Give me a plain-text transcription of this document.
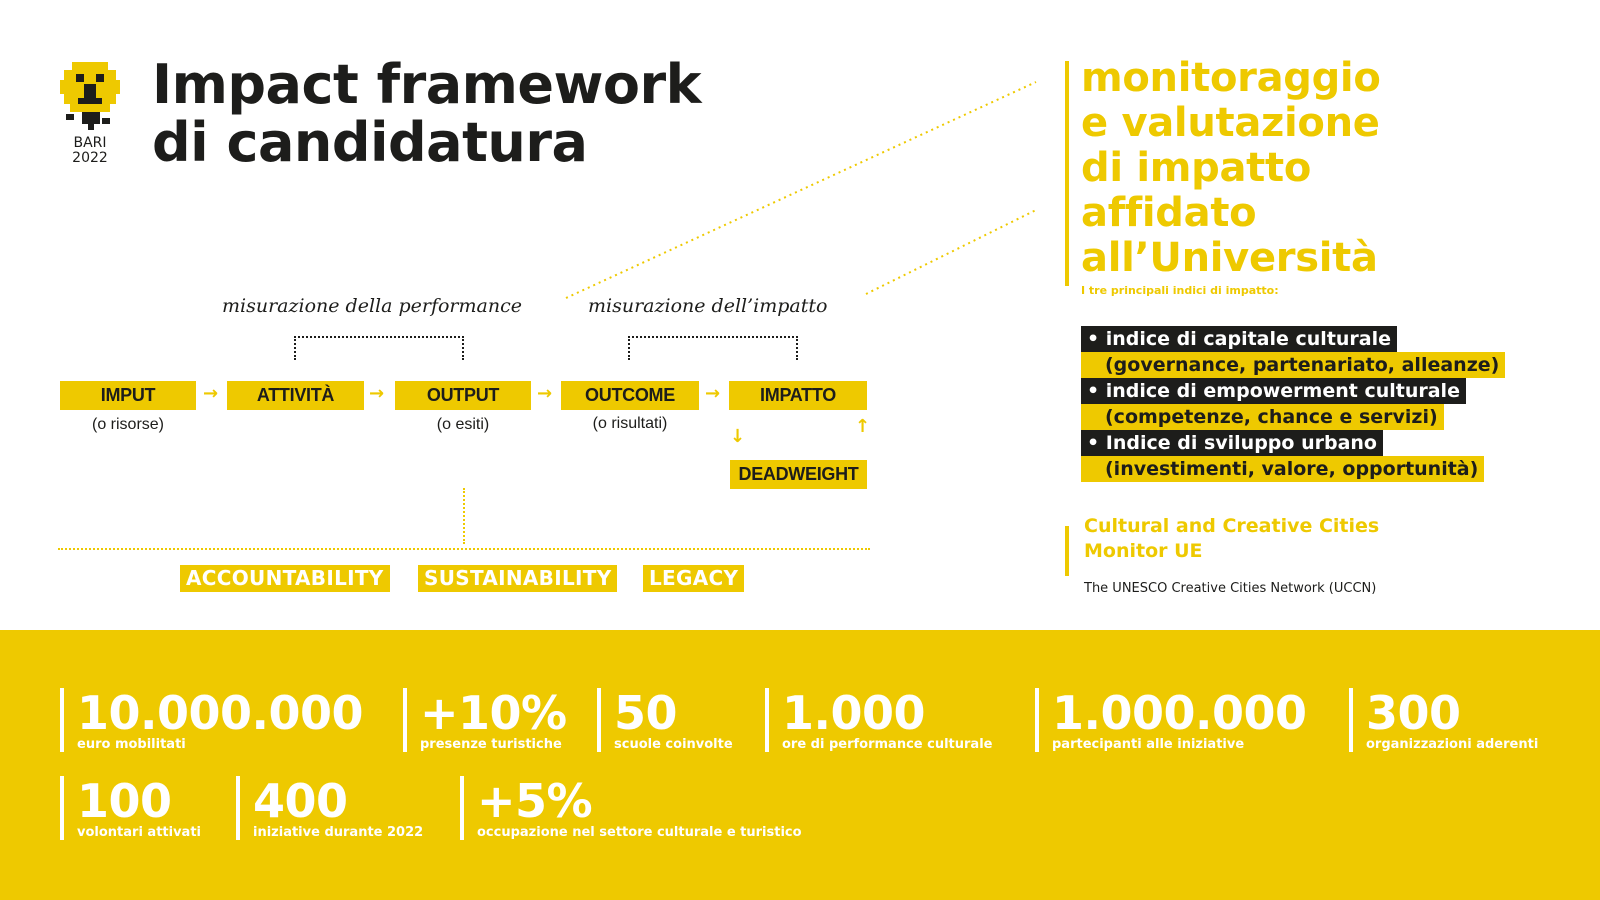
BARI
2022
Impact framework
di candidatura
misurazione della performance	misurazione dell’impatto
IMPUT	→	ATTIVITÀ	→	OUTPUT	→	OUTCOME	→	IMPATTO
(o risorse)	(o esiti)	(o risultati)
↓	↑
DEADWEIGHT
ACCOUNTABILITY	SUSTAINABILITY	LEGACY
monitoraggio
e valutazione
di impatto
affidato
all’Università
I tre principali indici di impatto:
• indice di capitale culturale
(governance, partenariato, alleanze)
• indice di empowerment culturale
(competenze, chance e servizi)
• Indice di sviluppo urbano
(investimenti, valore, opportunità)
Cultural and Creative Cities
Monitor UE
The UNESCO Creative Cities Network (UCCN)
10.000.000
euro mobilitati
+10%
presenze turistiche
50
scuole coinvolte
1.000
ore di performance culturale
1.000.000
partecipanti alle iniziative
300
organizzazioni aderenti
100
volontari attivati
400
iniziative durante 2022
+5%
occupazione nel settore culturale e turistico
